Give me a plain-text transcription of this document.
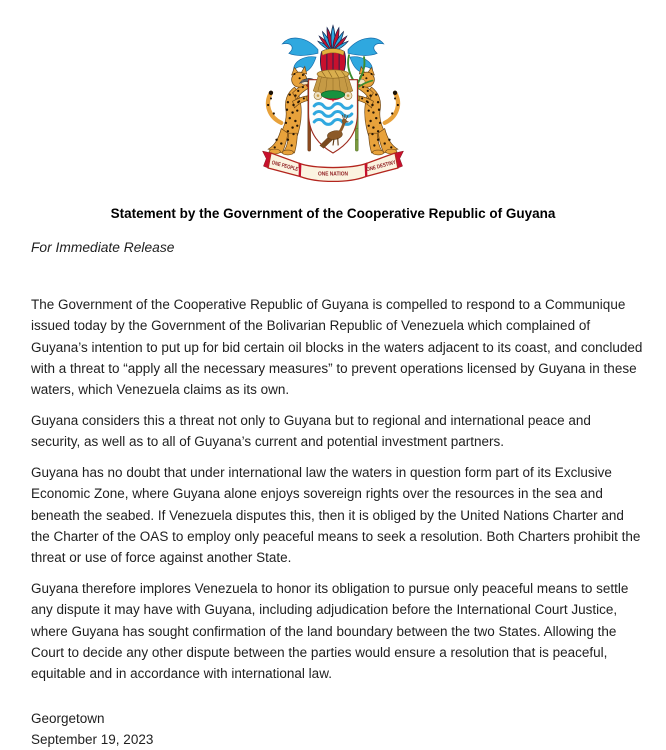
ONE PEOPLE ONE NATION
ONE DESTINY
Statement by the Government of the Cooperative Republic of Guyana

For Immediate Release

The Government of the Cooperative Republic of Guyana is compelled to respond to a Communique issued today by the Government of the Bolivarian Republic of Venezuela which complained of Guyana’s intention to put up for bid certain oil blocks in the waters adjacent to its coast, and concluded with a threat to “apply all the necessary measures” to prevent operations licensed by Guyana in these waters, which Venezuela claims as its own.

Guyana considers this a threat not only to Guyana but to regional and international peace and security, as well as to all of Guyana’s current and potential investment partners.

Guyana has no doubt that under international law the waters in question form part of its Exclusive Economic Zone, where Guyana alone enjoys sovereign rights over the resources in the sea and beneath the seabed. If Venezuela disputes this, then it is obliged by the United Nations Charter and the Charter of the OAS to employ only peaceful means to seek a resolution. Both Charters prohibit the threat or use of force against another State.

Guyana therefore implores Venezuela to honor its obligation to pursue only peaceful means to settle any dispute it may have with Guyana, including adjudication before the International Court Justice, where Guyana has sought confirmation of the land boundary between the two States. Allowing the Court to decide any other dispute between the parties would ensure a resolution that is peaceful, equitable and in accordance with international law.

Georgetown

September 19, 2023
